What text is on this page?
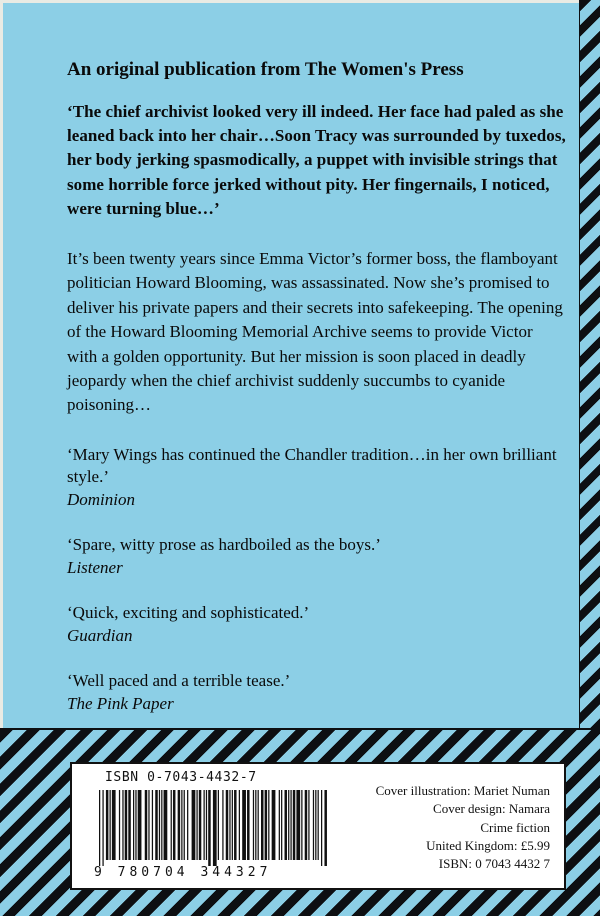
An original publication from The Women's Press

‘The chief archivist looked very ill indeed. Her face had paled as she leaned back into her chair…Soon Tracy was surrounded by tuxedos, her body jerking spasmodically, a puppet with invisible strings that some horrible force jerked without pity. Her fingernails, I noticed, were turning blue…’

It’s been twenty years since Emma Victor’s former boss, the flamboyant politician Howard Blooming, was assassinated. Now she’s promised to deliver his private papers and their secrets into safekeeping. The opening of the Howard Blooming Memorial Archive seems to provide Victor with a golden opportunity. But her mission is soon placed in deadly jeopardy when the chief archivist suddenly succumbs to cyanide poisoning…

‘Mary Wings has continued the Chandler tradition…in her own brilliant style.’
Dominion

‘Spare, witty prose as hardboiled as the boys.’
Listener

‘Quick, exciting and sophisticated.’
Guardian

‘Well paced and a terrible tease.’
The Pink Paper

ISBN 0-7043-4432-7
9 780704 344327
Cover illustration: Mariet Numan
Cover design: Namara
Crime fiction
United Kingdom: £5.99
ISBN: 0 7043 4432 7
